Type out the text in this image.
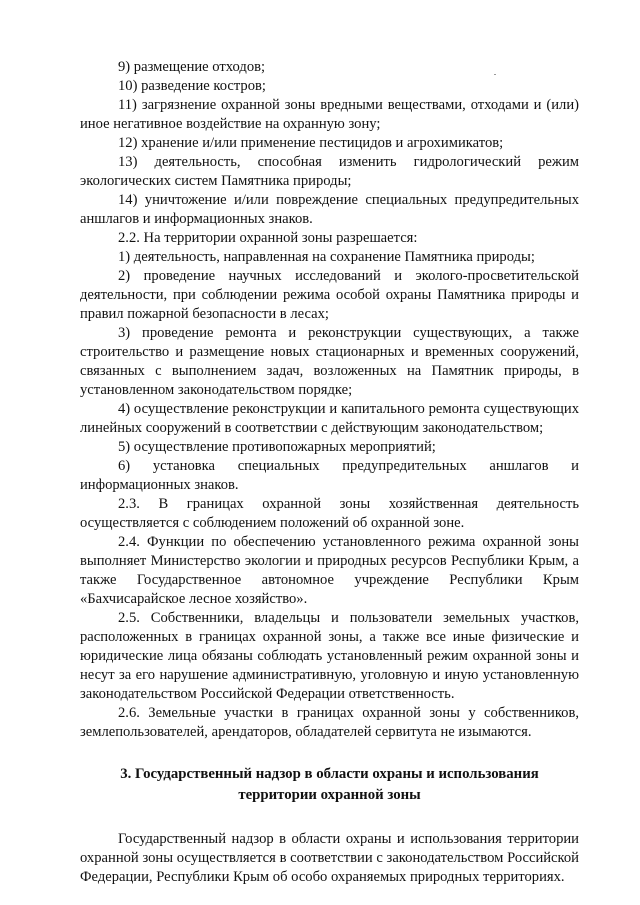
9) размещение отходов;

10) разведение костров;

11) загрязнение охранной зоны вредными веществами, отходами и (или) иное негативное воздействие на охранную зону;

12) хранение и/или применение пестицидов и агрохимикатов;

13) деятельность, способная изменить гидрологический режим экологических систем Памятника природы;

14) уничтожение и/или повреждение специальных предупредительных аншлагов и информационных знаков.

2.2. На территории охранной зоны разрешается:

1) деятельность, направленная на сохранение Памятника природы;

2) проведение научных исследований и эколого-просветительской деятельности, при соблюдении режима особой охраны Памятника природы и правил пожарной безопасности в лесах;

3) проведение ремонта и реконструкции существующих, а также строительство и размещение новых стационарных и временных сооружений, связанных с выполнением задач, возложенных на Памятник природы, в установленном законодательством порядке;

4) осуществление реконструкции и капитального ремонта существующих линейных сооружений в соответствии с действующим законодательством;

5) осуществление противопожарных мероприятий;

6) установка специальных предупредительных аншлагов и информационных знаков.

2.3. В границах охранной зоны хозяйственная деятельность осуществляется с соблюдением положений об охранной зоне.

2.4. Функции по обеспечению установленного режима охранной зоны выполняет Министерство экологии и природных ресурсов Республики Крым, а также Государственное автономное учреждение Республики Крым «Бахчисарайское лесное хозяйство».

2.5. Собственники, владельцы и пользователи земельных участков, расположенных в границах охранной зоны, а также все иные физические и юридические лица обязаны соблюдать установленный режим охранной зоны и несут за его нарушение административную, уголовную и иную установленную законодательством Российской Федерации ответственность.

2.6. Земельные участки в границах охранной зоны у собственников, землепользователей, арендаторов, обладателей сервитута не изымаются.

3. Государственный надзор в области охраны и использования
территории охранной зоны

Государственный надзор в области охраны и использования территории охранной зоны осуществляется в соответствии с законодательством Российской Федерации, Республики Крым об особо охраняемых природных территориях.
